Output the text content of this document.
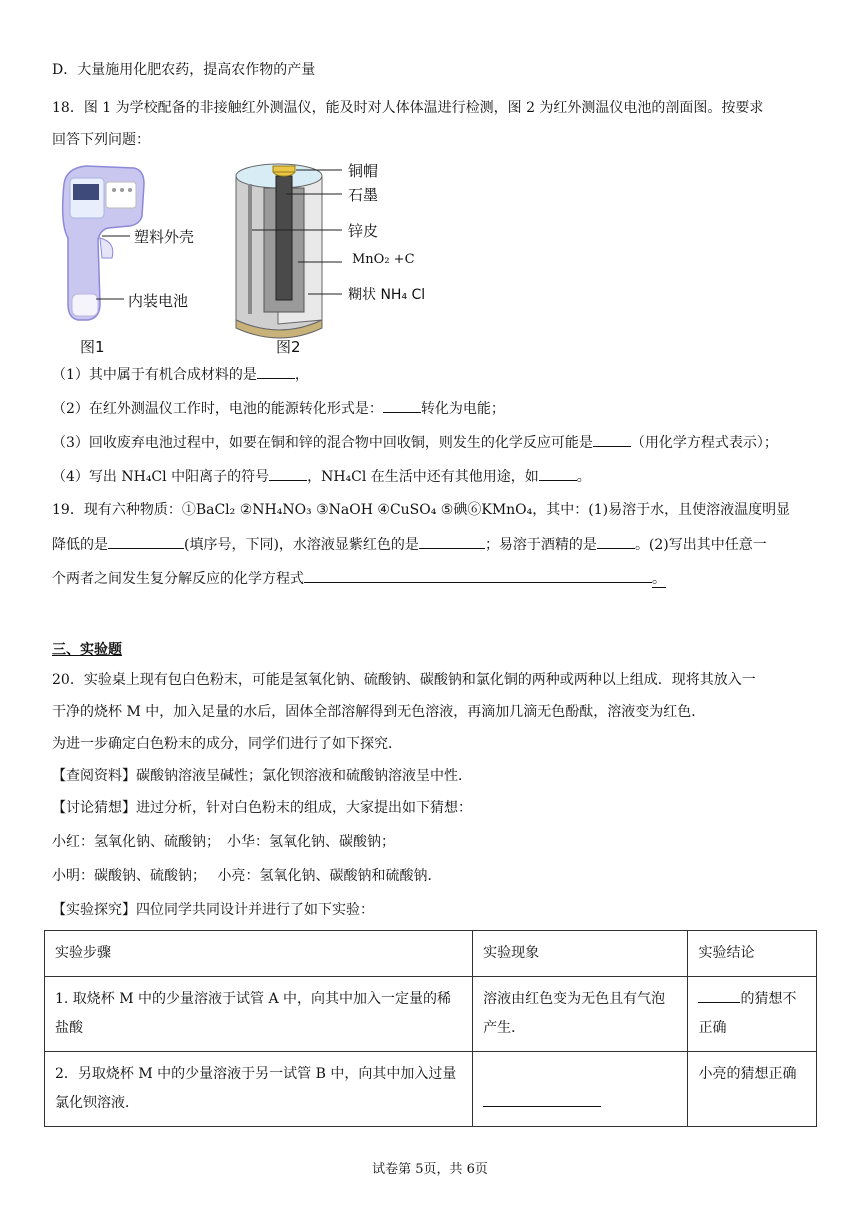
D．大量施用化肥农药，提高农作物的产量
18．图 1 为学校配备的非接触红外测温仪，能及时对人体体温进行检测，图 2 为红外测温仪电池的剖面图。按要求
回答下列问题：
塑料外壳
内装电池
图1
铜帽
石墨
锌皮
MnO₂ +C
糊状 NH₄ Cl
图2
（1）其中属于有机合成材料的是	，
（2）在红外测温仪工作时，电池的能源转化形式是：	转化为电能；
（3）回收废弃电池过程中，如要在铜和锌的混合物中回收铜，则发生的化学反应可能是	（用化学方程式表示）；
（4）写出 NH₄Cl 中阳离子的符号	，NH₄Cl 在生活中还有其他用途，如	。
19．现有六种物质：①BaCl₂ ②NH₄NO₃ ③NaOH ④CuSO₄ ⑤碘⑥KMnO₄，其中：(1)易溶于水，且使溶液温度明显
降低的是	(填序号，下同)，水溶液显紫红色的是	；易溶于酒精的是	。(2)写出其中任意一
个两者之间发生复分解反应的化学方程式	。
三、实验题
20．实验桌上现有包白色粉末，可能是氢氧化钠、硫酸钠、碳酸钠和氯化铜的两种或两种以上组成．现将其放入一
干净的烧杯 M 中，加入足量的水后，固体全部溶解得到无色溶液，再滴加几滴无色酚酞，溶液变为红色．
为进一步确定白色粉末的成分，同学们进行了如下探究．
【查阅资料】碳酸钠溶液呈碱性；氯化钡溶液和硫酸钠溶液呈中性．
【讨论猜想】进过分析，针对白色粉末的组成，大家提出如下猜想：
小红：氢氧化钠、硫酸钠；　小华：氢氧化钠、碳酸钠；
小明：碳酸钠、硫酸钠；　 小亮：氢氧化钠、碳酸钠和硫酸钠．
【实验探究】四位同学共同设计并进行了如下实验：
实验步骤	实验现象	实验结论
1. 取烧杯 M 中的少量溶液于试管 A 中，向其中加入一定量的稀盐酸	溶液由红色变为无色且有气泡产生．	的猜想不正确
2．另取烧杯 M 中的少量溶液于另一试管 B 中，向其中加入过量氯化钡溶液．		小亮的猜想正确
试卷第 5页，共 6页
